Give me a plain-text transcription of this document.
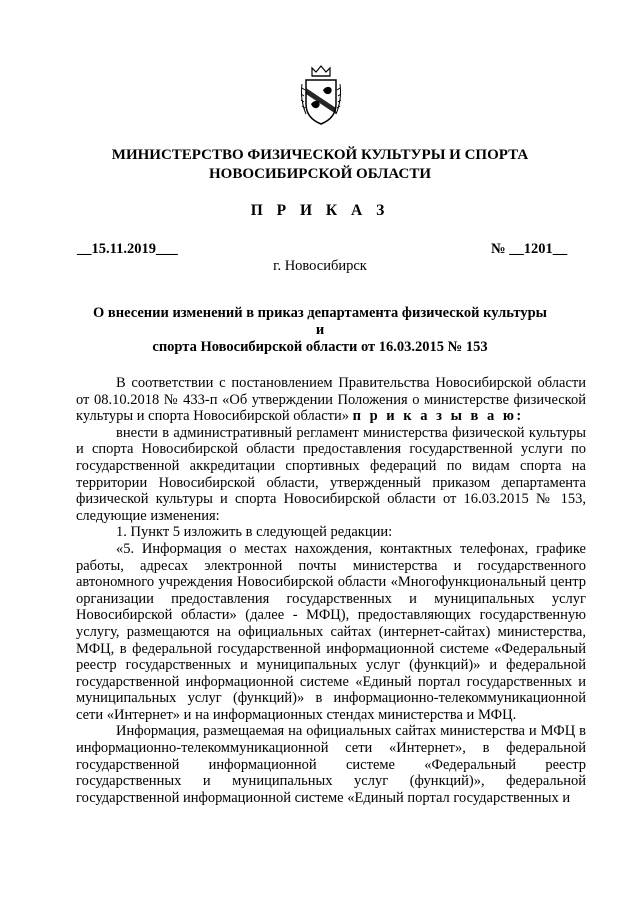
МИНИСТЕРСТВО ФИЗИЧЕСКОЙ КУЛЬТУРЫ И СПОРТА
НОВОСИБИРСКОЙ ОБЛАСТИ
П Р И К А З
__15.11.2019___	№ __1201__
г. Новосибирск
О внесении изменений в приказ департамента физической культуры и
спорта Новосибирской области от 16.03.2015 № 153

В соответствии с постановлением Правительства Новосибирской области от 08.10.2018 № 433-п «Об утверждении Положения о министерстве физической культуры и спорта Новосибирской области» п р и к а з ы в а ю:

внести в административный регламент министерства физической культуры и спорта Новосибирской области предоставления государственной услуги по государственной аккредитации спортивных федераций по видам спорта на территории Новосибирской области, утвержденный приказом департамента физической культуры и спорта Новосибирской области от 16.03.2015 № 153, следующие изменения:

1. Пункт 5 изложить в следующей редакции:

«5. Информация о местах нахождения, контактных телефонах, графике работы, адресах электронной почты министерства и государственного автономного учреждения Новосибирской области «Многофункциональный центр организации предоставления государственных и муниципальных услуг Новосибирской области» (далее - МФЦ), предоставляющих государственную услугу, размещаются на официальных сайтах (интернет-сайтах) министерства, МФЦ, в федеральной государственной информационной системе «Федеральный реестр государственных и муниципальных услуг (функций)» и федеральной государственной информационной системе «Единый портал государственных и муниципальных услуг (функций)» в информационно-телекоммуникационной сети «Интернет» и на информационных стендах министерства и МФЦ.

Информация, размещаемая на официальных сайтах министерства и МФЦ в информационно-телекоммуникационной сети «Интернет», в федеральной государственной информационной системе «Федеральный реестр государственных и муниципальных услуг (функций)», федеральной государственной информационной системе «Единый портал государственных и
